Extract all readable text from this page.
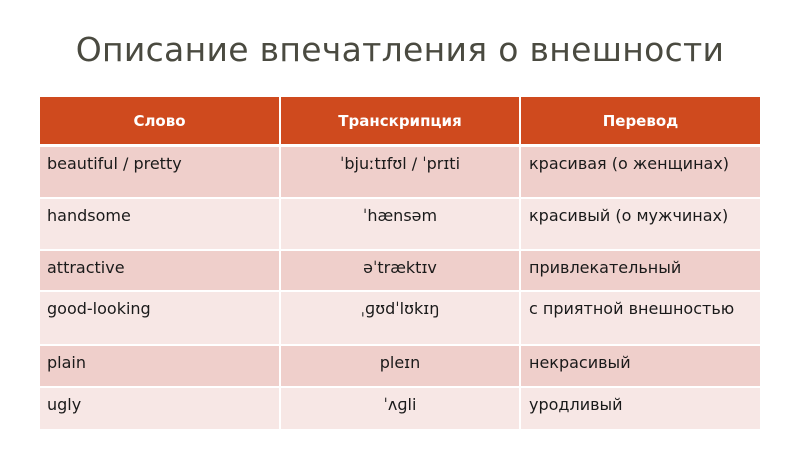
Описание впечатления о внешности
Слово	Транскрипция	Перевод
beautiful / pretty	ˈbjuːtɪfʊl / ˈprɪti	красивая (о женщинах)
handsome	ˈhænsəm	красивый (о мужчинах)
attractive	əˈtræktɪv	привлекательный
good-looking	ˌɡʊdˈlʊkɪŋ	с приятной внешностью
plain	pleɪn	некрасивый
ugly	ˈʌɡli	уродливый
